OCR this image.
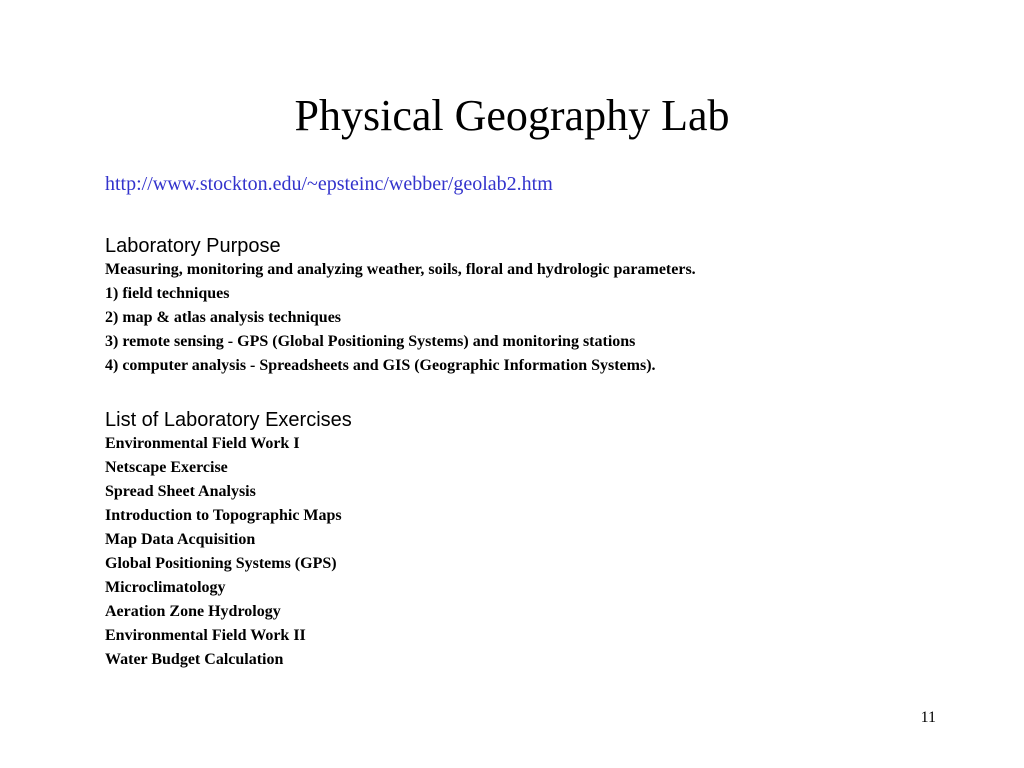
Physical Geography Lab
http://www.stockton.edu/~epsteinc/webber/geolab2.htm
Laboratory Purpose
Measuring, monitoring and analyzing weather, soils, floral and hydrologic parameters.
1) field techniques
2) map & atlas analysis techniques
3) remote sensing - GPS (Global Positioning Systems) and monitoring stations
4) computer analysis - Spreadsheets and GIS (Geographic Information Systems).
List of Laboratory Exercises
Environmental Field Work I
Netscape Exercise
Spread Sheet Analysis
Introduction to Topographic Maps
Map Data Acquisition
Global Positioning Systems (GPS)
Microclimatology
Aeration Zone Hydrology
Environmental Field Work II
Water Budget Calculation
11
